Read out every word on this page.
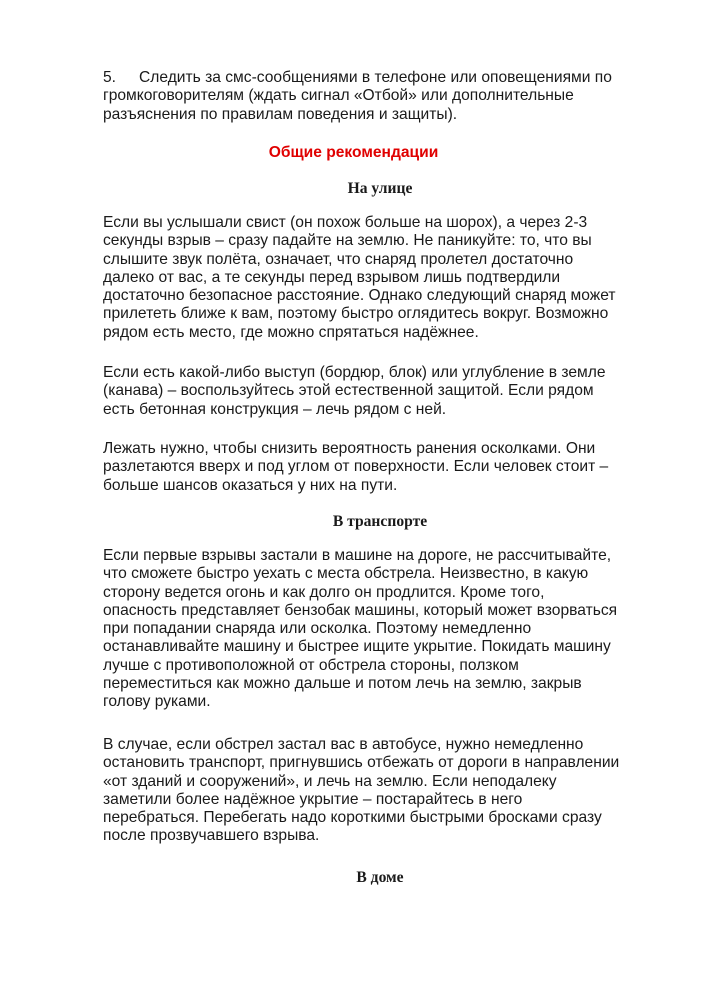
5. Следить за смс-сообщениями в телефоне или оповещениями по
громкоговорителям (ждать сигнал «Отбой» или дополнительные
разъяснения по правилам поведения и защиты).
Общие рекомендации
На улице
Если вы услышали свист (он похож больше на шорох), а через 2-3
секунды взрыв – сразу падайте на землю. Не паникуйте: то, что вы
слышите звук полёта, означает, что снаряд пролетел достаточно
далеко от вас, а те секунды перед взрывом лишь подтвердили
достаточно безопасное расстояние. Однако следующий снаряд может
прилететь ближе к вам, поэтому быстро оглядитесь вокруг. Возможно
рядом есть место, где можно спрятаться надёжнее.
Если есть какой-либо выступ (бордюр, блок) или углубление в земле
(канава) – воспользуйтесь этой естественной защитой. Если рядом
есть бетонная конструкция – лечь рядом с ней.
Лежать нужно, чтобы снизить вероятность ранения осколками. Они
разлетаются вверх и под углом от поверхности. Если человек стоит –
больше шансов оказаться у них на пути.
В транспорте
Если первые взрывы застали в машине на дороге, не рассчитывайте,
что сможете быстро уехать с места обстрела. Неизвестно, в какую
сторону ведется огонь и как долго он продлится. Кроме того,
опасность представляет бензобак машины, который может взорваться
при попадании снаряда или осколка. Поэтому немедленно
останавливайте машину и быстрее ищите укрытие. Покидать машину
лучше с противоположной от обстрела стороны, ползком
переместиться как можно дальше и потом лечь на землю, закрыв
голову руками.
В случае, если обстрел застал вас в автобусе, нужно немедленно
остановить транспорт, пригнувшись отбежать от дороги в направлении
«от зданий и сооружений», и лечь на землю. Если неподалеку
заметили более надёжное укрытие – постарайтесь в него
перебраться. Перебегать надо короткими быстрыми бросками сразу
после прозвучавшего взрыва.
В доме
